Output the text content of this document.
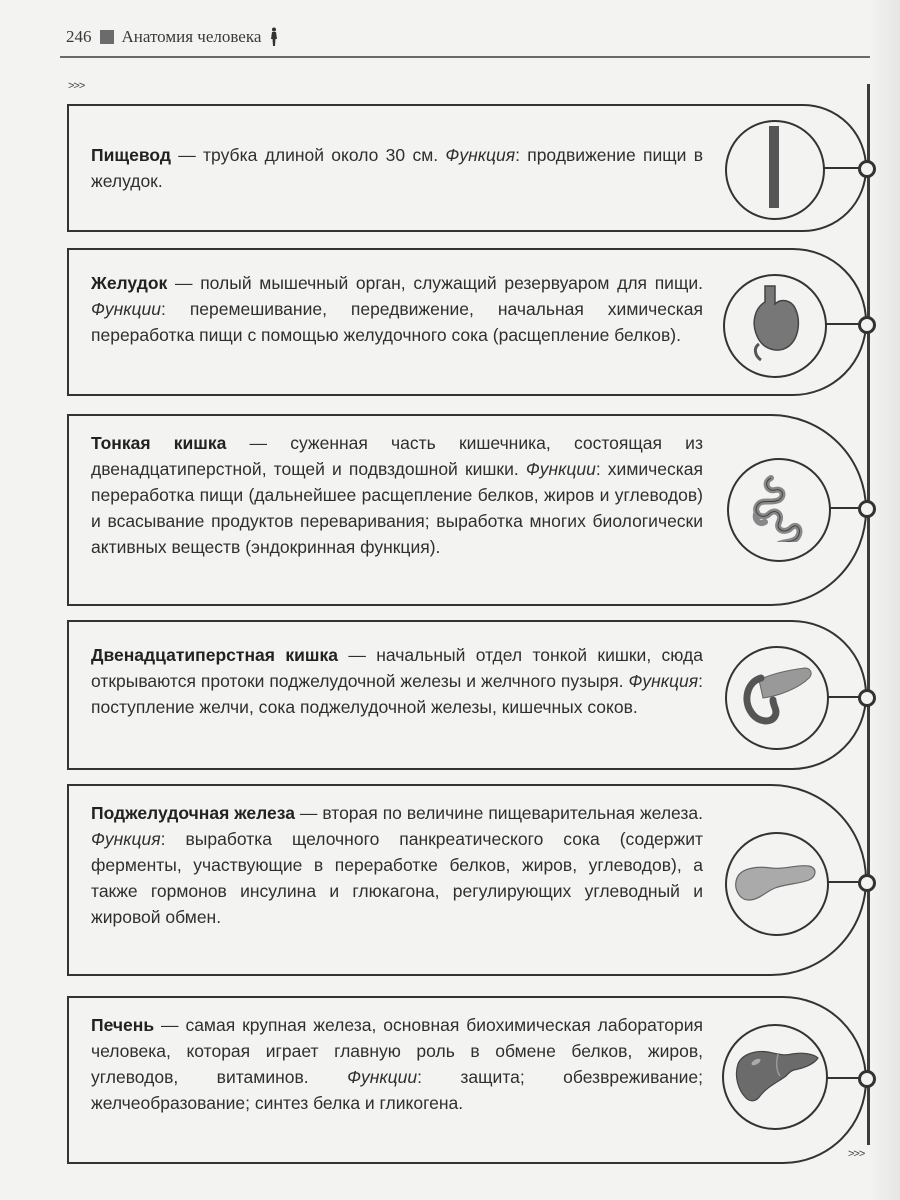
246 Анатомия человека
>>>
>>>
Пищевод — трубка длиной около 30 см. Функция: продвижение пищи в желудок.
Желудок — полый мышечный орган, служащий резервуаром для пищи. Функции: перемешивание, передвижение, начальная химическая переработка пищи с помощью желудочного сока (расщепление белков).
Тонкая кишка — суженная часть кишечника, состоящая из двенадцатиперстной, тощей и подвздошной кишки. Функции: химическая переработка пищи (дальнейшее расщепление белков, жиров и углеводов) и всасывание продуктов переваривания; выработка многих биологически активных веществ (эндокринная функция).
Двенадцатиперстная кишка — начальный отдел тонкой кишки, сюда открываются протоки поджелудочной железы и желчного пузыря. Функция: поступление желчи, сока поджелудочной железы, кишечных соков.
Поджелудочная железа — вторая по величине пищеварительная железа. Функция: выработка щелочного панкреатического сока (содержит ферменты, участвующие в переработке белков, жиров, углеводов), а также гормонов инсулина и глюкагона, регулирующих углеводный и жировой обмен.
Печень — самая крупная железа, основная биохимическая лаборатория человека, которая играет главную роль в обмене белков, жиров, углеводов, витаминов. Функции: защита; обезвреживание; желчеобразование; синтез белка и гликогена.
